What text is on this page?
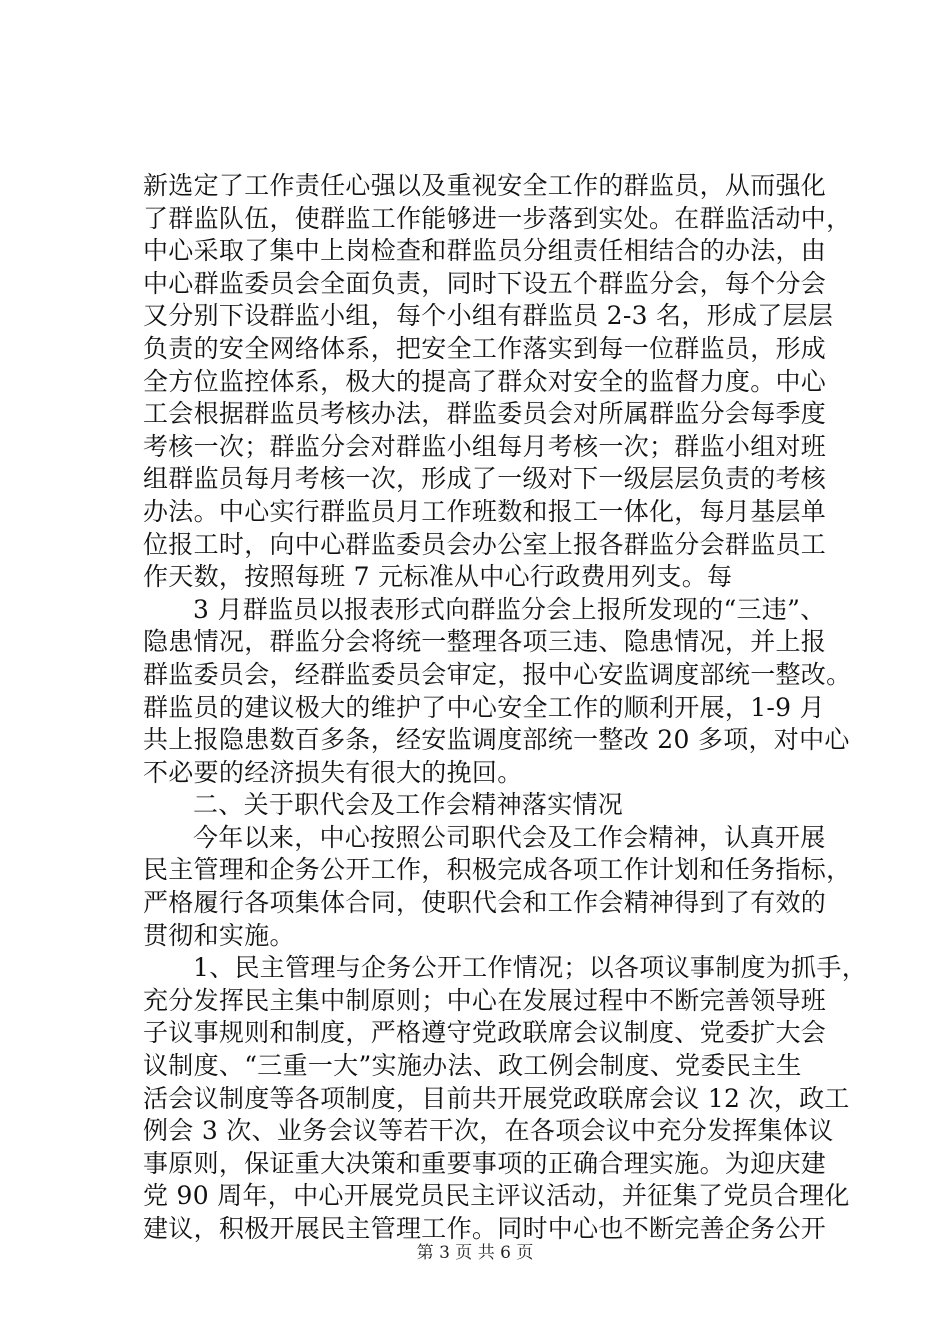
新选定了工作责任心强以及重视安全工作的群监员，从而强化
了群监队伍，使群监工作能够进一步落到实处。在群监活动中，
中心采取了集中上岗检查和群监员分组责任相结合的办法，由
中心群监委员会全面负责，同时下设五个群监分会，每个分会
又分别下设群监小组，每个小组有群监员 2-3 名，形成了层层
负责的安全网络体系，把安全工作落实到每一位群监员，形成
全方位监控体系，极大的提高了群众对安全的监督力度。中心
工会根据群监员考核办法，群监委员会对所属群监分会每季度
考核一次；群监分会对群监小组每月考核一次；群监小组对班
组群监员每月考核一次，形成了一级对下一级层层负责的考核
办法。中心实行群监员月工作班数和报工一体化，每月基层单
位报工时，向中心群监委员会办公室上报各群监分会群监员工
作天数，按照每班 7 元标准从中心行政费用列支。每
3 月群监员以报表形式向群监分会上报所发现的“三违”、
隐患情况，群监分会将统一整理各项三违、隐患情况，并上报
群监委员会，经群监委员会审定，报中心安监调度部统一整改。
群监员的建议极大的维护了中心安全工作的顺利开展，1-9 月
共上报隐患数百多条，经安监调度部统一整改 20 多项，对中心
不必要的经济损失有很大的挽回。
二、关于职代会及工作会精神落实情况
今年以来，中心按照公司职代会及工作会精神，认真开展
民主管理和企务公开工作，积极完成各项工作计划和任务指标，
严格履行各项集体合同，使职代会和工作会精神得到了有效的
贯彻和实施。
1、民主管理与企务公开工作情况；以各项议事制度为抓手，
充分发挥民主集中制原则；中心在发展过程中不断完善领导班
子议事规则和制度，严格遵守党政联席会议制度、党委扩大会
议制度、“三重一大”实施办法、政工例会制度、党委民主生
活会议制度等各项制度，目前共开展党政联席会议 12 次，政工
例会 3 次、业务会议等若干次，在各项会议中充分发挥集体议
事原则，保证重大决策和重要事项的正确合理实施。为迎庆建
党 90 周年，中心开展党员民主评议活动，并征集了党员合理化
建议，积极开展民主管理工作。同时中心也不断完善企务公开
第 3 页 共 6 页
